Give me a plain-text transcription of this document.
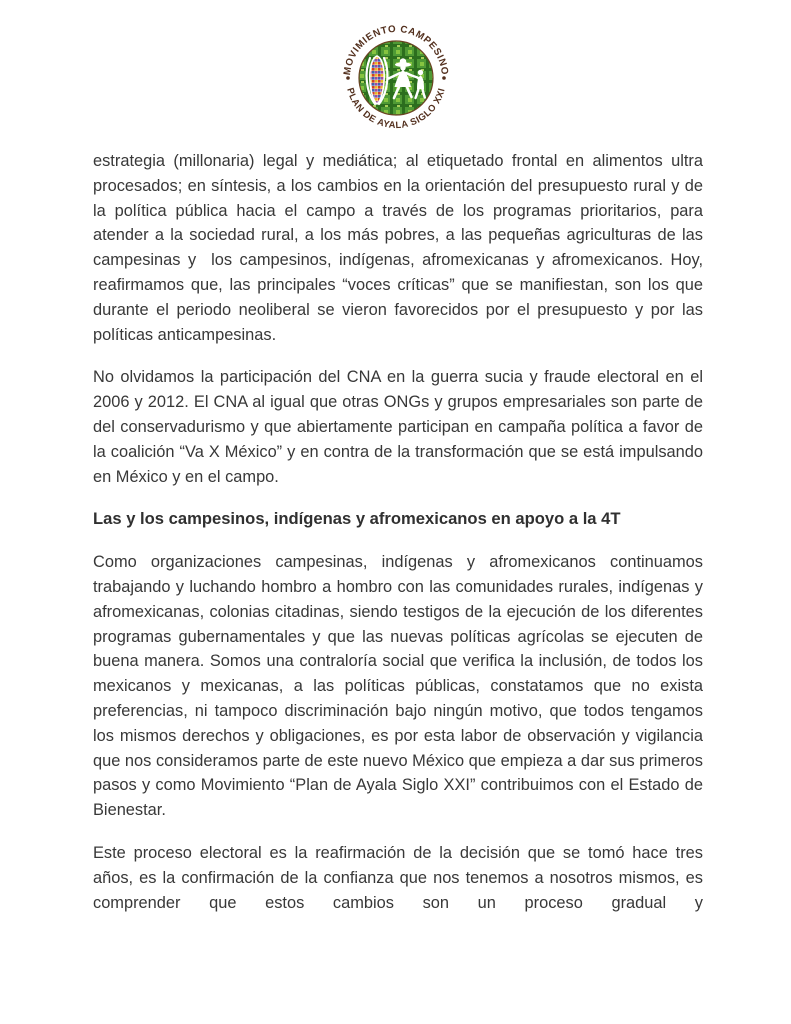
MOVIMIENTO CAMPESINO
PLAN DE AYALA SIGLO XXI

estrategia (millonaria) legal y mediática; al etiquetado frontal en alimentos ultra procesados; en síntesis, a los cambios en la orientación del presupuesto rural y de la política pública hacia el campo a través de los programas prioritarios, para atender a la sociedad rural, a los más pobres, a las pequeñas agriculturas de las campesinas y  los campesinos, indígenas, afromexicanas y afromexicanos. Hoy,  reafirmamos que, las principales “voces críticas” que se manifiestan, son los que durante el periodo neoliberal se vieron favorecidos por el presupuesto y por las políticas anticampesinas.

No olvidamos la participación del CNA en la guerra sucia y fraude electoral en el 2006 y 2012. El CNA al igual que otras ONGs y grupos empresariales son parte de del conservadurismo y que abiertamente participan en campaña política a favor de la coalición “Va X México” y en contra de la transformación que se está impulsando en México y en el campo.

Las y los campesinos, indígenas y afromexicanos en apoyo a la 4T

Como organizaciones campesinas, indígenas y afromexicanos continuamos trabajando y luchando hombro a hombro con las comunidades rurales, indígenas y afromexicanas, colonias citadinas, siendo testigos de la ejecución de los diferentes programas gubernamentales y que las nuevas políticas agrícolas se ejecuten de buena manera. Somos una contraloría social que verifica la inclusión, de todos los mexicanos y mexicanas, a las políticas públicas, constatamos que no exista preferencias, ni tampoco discriminación bajo ningún motivo, que todos tengamos los mismos derechos y obligaciones, es por esta labor de observación y vigilancia que nos consideramos parte de este nuevo México que empieza a dar sus primeros pasos y como Movimiento “Plan de Ayala Siglo XXI” contribuimos con el Estado de Bienestar.

Este proceso electoral es la reafirmación de la decisión que se tomó hace tres años, es la confirmación de la confianza que nos tenemos a nosotros mismos, es comprender que estos cambios son un proceso gradual y
